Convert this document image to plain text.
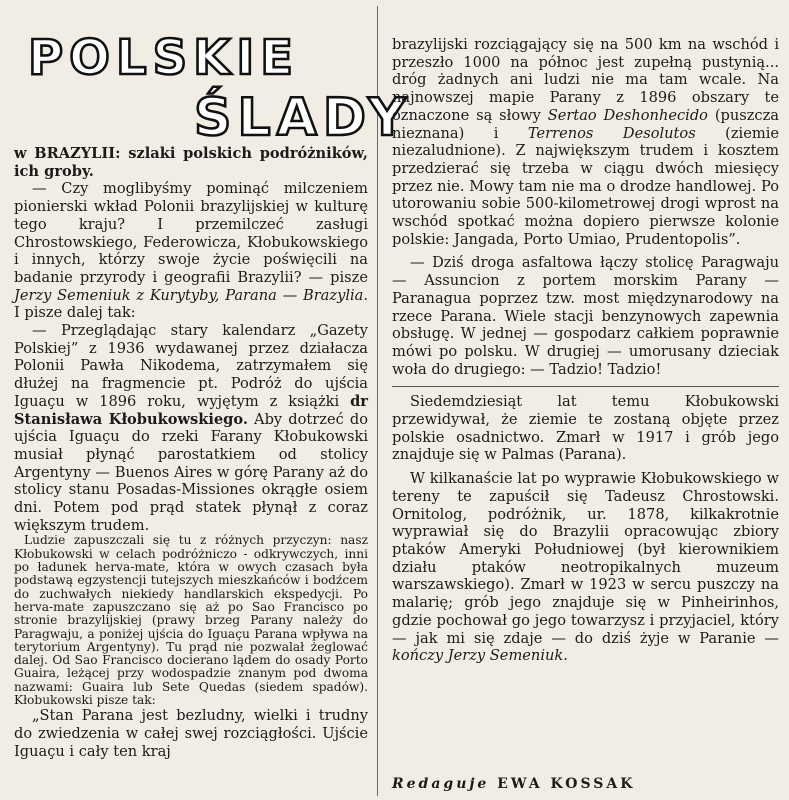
POLSKIE
ŚLADY

w BRAZYLII: szlaki polskich podróżników, ich groby.

— Czy moglibyśmy pominąć milczeniem pionierski wkład Polonii brazylijskiej w kulturę tego kraju? I przemilczeć zasługi Chrostowskiego, Federowicza, Kłobukowskiego i innych, którzy swoje życie poświęcili na badanie przyrody i geografii Brazylii? — pisze Jerzy Semeniuk z Kurytyby, Parana — Brazylia. I pisze dalej tak:

— Przeglądając stary kalendarz „Gazety Polskiej” z 1936 wydawanej przez działacza Polonii Pawła Nikodema, zatrzymałem się dłużej na fragmencie pt. Podróż do ujścia Iguaçu w 1896 roku, wyjętym z książki dr Stanisława Kłobukowskiego. Aby dotrzeć do ujścia Iguaçu do rzeki Farany Kłobukowski musiał płynąć parostatkiem od stolicy Argentyny — Buenos Aires w górę Parany aż do stolicy stanu Posadas-Missiones okrągłe osiem dni. Potem pod prąd statek płynął z coraz większym trudem.

Ludzie zapuszczali się tu z różnych przyczyn: nasz Kłobukowski w celach podróżniczo - odkrywczych, inni po ładunek herva-mate, która w owych czasach była podstawą egzystencji tutejszych mieszkańców i bodźcem do zuchwałych niekiedy handlarskich ekspedycji. Po herva-mate zapuszczano się aż po Sao Francisco po stronie brazylijskiej (prawy brzeg Parany należy do Paragwaju, a poniżej ujścia do Iguaçu Parana wpływa na terytorium Argentyny). Tu prąd nie pozwalał żeglować dalej. Od Sao Francisco docierano lądem do osady Porto Guaira, leżącej przy wodospadzie znanym pod dwoma nazwami: Guaira lub Sete Quedas (siedem spadów). Kłobukowski pisze tak:

„Stan Parana jest bezludny, wielki i trudny do zwiedzenia w całej swej rozciągłości. Ujście Iguaçu i cały ten kraj

brazylijski rozciągający się na 500 km na wschód i przeszło 1000 na północ jest zupełną pustynią... dróg żadnych ani ludzi nie ma tam wcale. Na najnowszej mapie Parany z 1896 obszary te oznaczone są słowy Sertao Deshonhecido (puszcza nieznana) i Terrenos Desolutos (ziemie niezaludnione). Z największym trudem i kosztem przedzierać się trzeba w ciągu dwóch miesięcy przez nie. Mowy tam nie ma o drodze handlowej. Po utorowaniu sobie 500-kilometrowej drogi wprost na wschód spotkać można dopiero pierwsze kolonie polskie: Jangada, Porto Umiao, Prudentopolis”.

— Dziś droga asfaltowa łączy stolicę Paragwaju — Assuncion z portem morskim Parany — Paranagua poprzez tzw. most międzynarodowy na rzece Parana. Wiele stacji benzynowych zapewnia obsługę. W jednej — gospodarz całkiem poprawnie mówi po polsku. W drugiej — umorusany dzieciak woła do drugiego: — Tadzio! Tadzio!

Siedemdziesiąt lat temu Kłobukowski przewidywał, że ziemie te zostaną objęte przez polskie osadnictwo. Zmarł w 1917 i grób jego znajduje się w Palmas (Parana).

W kilkanaście lat po wyprawie Kłobukowskiego w tereny te zapuścił się Tadeusz Chrostowski. Ornitolog, podróżnik, ur. 1878, kilkakrotnie wyprawiał się do Brazylii opracowując zbiory ptaków Ameryki Południowej (był kierownikiem działu ptaków neotropikalnych muzeum warszawskiego). Zmarł w 1923 w sercu puszczy na malarię; grób jego znajduje się w Pinheirinhos, gdzie pochował go jego towarzysz i przyjaciel, który — jak mi się zdaje — do dziś żyje w Paranie — kończy Jerzy Semeniuk.

Redaguje EWA KOSSAK
